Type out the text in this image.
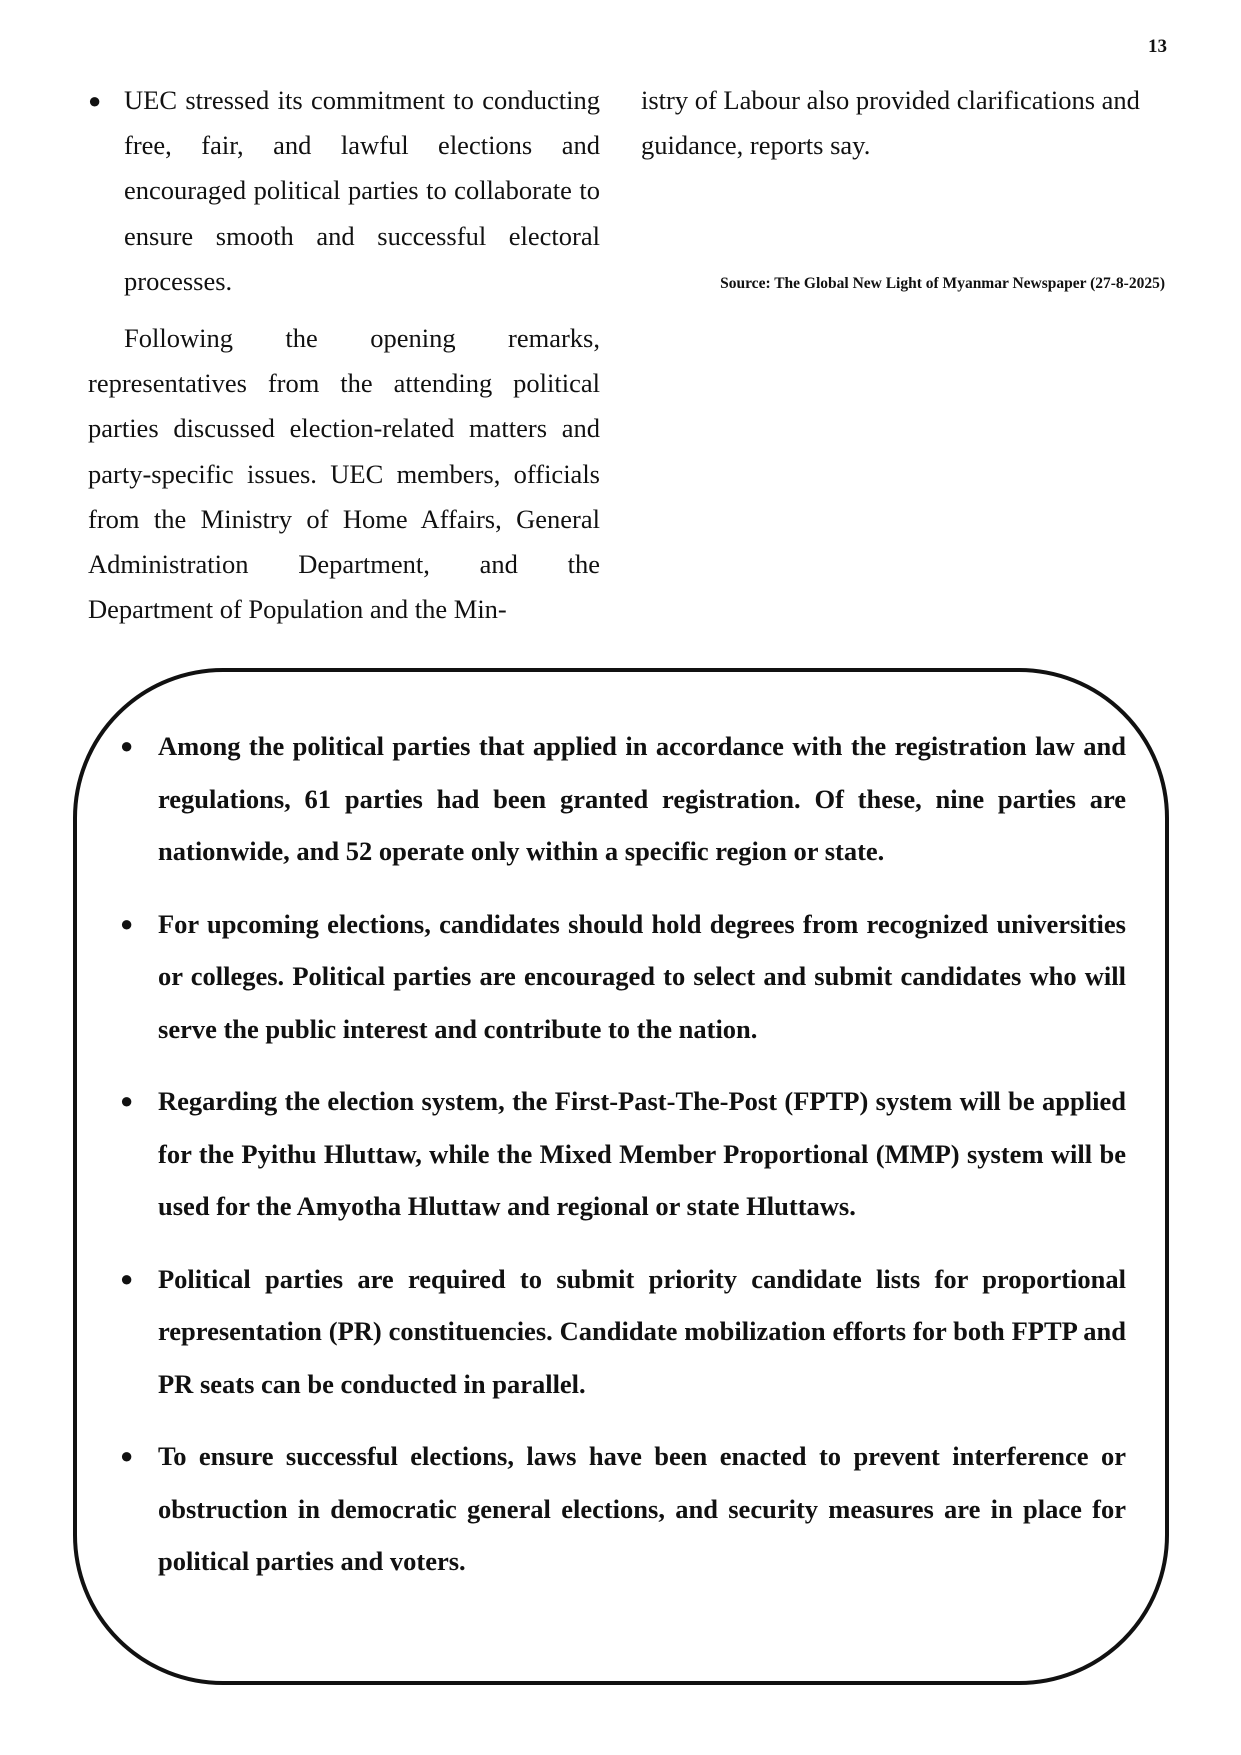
13

● UEC stressed its commitment to conducting free, fair, and lawful elections and encouraged political parties to collaborate to ensure smooth and successful electoral processes.

Following the opening remarks, representatives from the attending political parties discussed election-related matters and party-specific issues. UEC members, officials from the Ministry of Home Affairs, General Administration Department, and the Department of Population and the Min-

istry of Labour also provided clarifications and guidance, reports say.

Source: The Global New Light of Myanmar Newspaper (27-8-2025)

● Among the political parties that applied in accordance with the registration law and regulations, 61 parties had been granted registration. Of these, nine parties are nationwide, and 52 operate only within a specific region or state.

● For upcoming elections, candidates should hold degrees from recognized universities or colleges. Political parties are encouraged to select and submit candidates who will serve the public interest and contribute to the nation.

● Regarding the election system, the First-Past-The-Post (FPTP) system will be applied for the Pyithu Hluttaw, while the Mixed Member Proportional (MMP) system will be used for the Amyotha Hluttaw and regional or state Hluttaws.

● Political parties are required to submit priority candidate lists for proportional representation (PR) constituencies. Candidate mobilization efforts for both FPTP and PR seats can be conducted in parallel.

● To ensure successful elections, laws have been enacted to prevent interference or obstruction in democratic general elections, and security measures are in place for political parties and voters.
